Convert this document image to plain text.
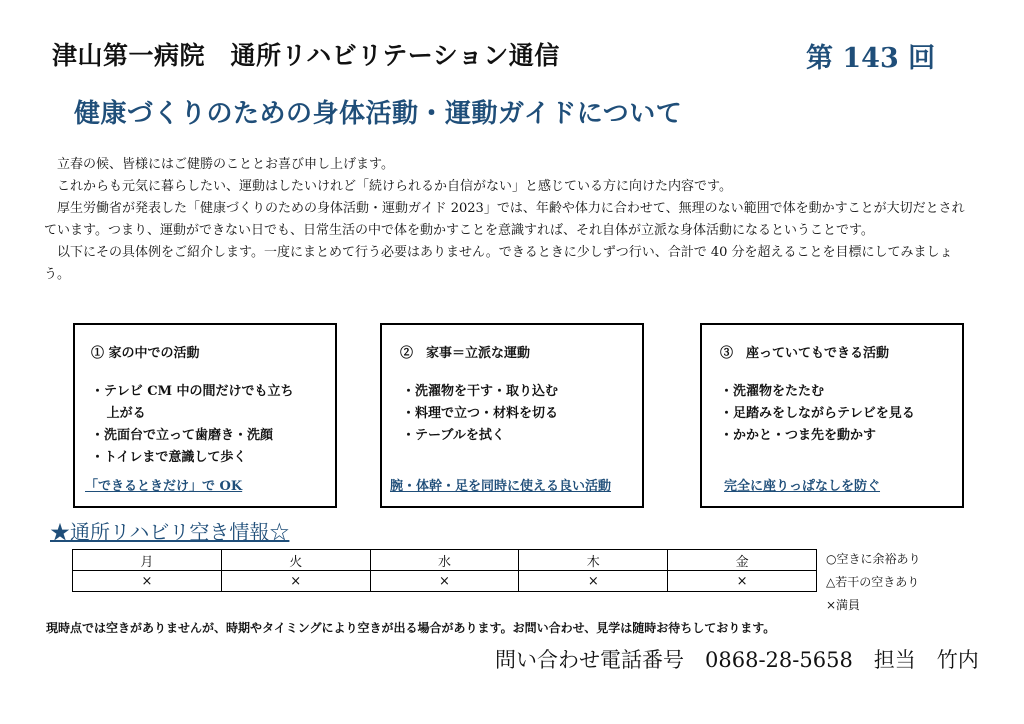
津山第一病院　通所リハビリテーション通信	第 143 回
健康づくりのための身体活動・運動ガイドについて

立春の候、皆様にはご健勝のこととお喜び申し上げます。

これからも元気に暮らしたい、運動はしたいけれど「続けられるか自信がない」と感じている方に向けた内容です。

厚生労働省が発表した「健康づくりのための身体活動・運動ガイド 2023」では、年齢や体力に合わせて、無理のない範囲で体を動かすことが大切だとされています。つまり、運動ができない日でも、日常生活の中で体を動かすことを意識すれば、それ自体が立派な身体活動になるということです。

以下にその具体例をご紹介します。一度にまとめて行う必要はありません。できるときに少しずつ行い、合計で 40 分を超えることを目標にしてみましょう。

① 家の中での活動
・テレビ CM 中の間だけでも立ち
上がる
・洗面台で立って歯磨き・洗顔
・トイレまで意識して歩く
「できるときだけ」で OK
②　家事＝立派な運動
・洗濯物を干す・取り込む
・料理で立つ・材料を切る
・テーブルを拭く
腕・体幹・足を同時に使える良い活動
③　座っていてもできる活動
・洗濯物をたたむ
・足踏みをしながらテレビを見る
・かかと・つま先を動かす
完全に座りっぱなしを防ぐ
★通所リハビリ空き情報☆
月	火	水	木	金
×	×	×	×	×
○空きに余裕あり
△若干の空きあり
×満員
現時点では空きがありませんが、時期やタイミングにより空きが出る場合があります。お問い合わせ、見学は随時お待ちしております。
問い合わせ電話番号　0868-28-5658　担当　竹内
